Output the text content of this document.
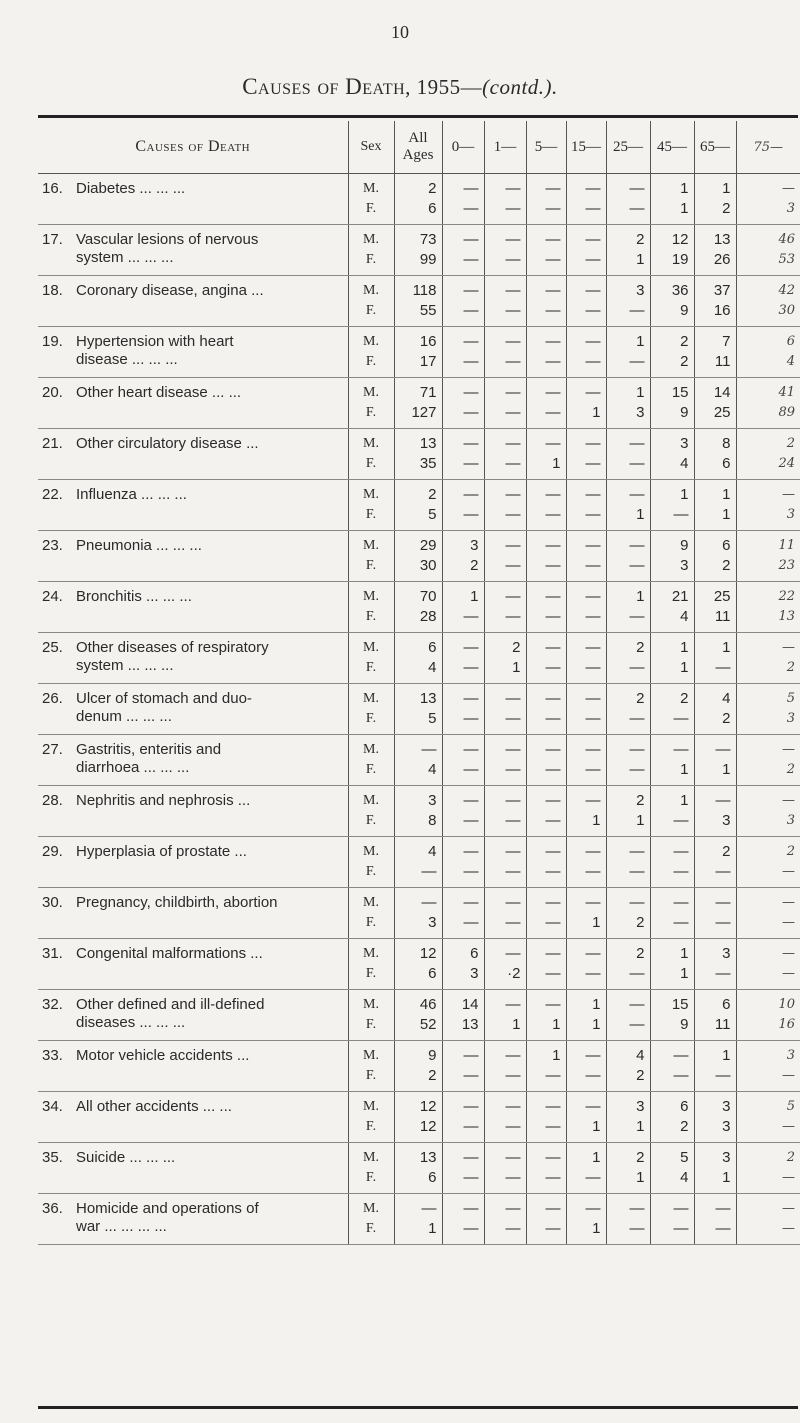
10
Causes of Death, 1955—(contd.).
Causes of Death	Sex	All Ages	0—	1—	5—	15—	25—	45—	65—	75—
16. Diabetes ... ... ...	M.	2	—	—	—	—	—	1	1	—
	F.	6	—	—	—	—	—	1	2	3
17. Vascular lesions of nervous
system ... ... ...	M.	73	—	—	—	—	2	12	13	46
	F.	99	—	—	—	—	1	19	26	53
18. Coronary disease, angina ...	M.	118	—	—	—	—	3	36	37	42
	F.	55	—	—	—	—	—	9	16	30
19. Hypertension with heart
disease ... ... ...	M.	16	—	—	—	—	1	2	7	6
	F.	17	—	—	—	—	—	2	11	4
20. Other heart disease ... ...	M.	71	—	—	—	—	1	15	14	41
	F.	127	—	—	—	1	3	9	25	89
21. Other circulatory disease ...	M.	13	—	—	—	—	—	3	8	2
	F.	35	—	—	1	—	—	4	6	24
22. Influenza ... ... ...	M.	2	—	—	—	—	—	1	1	—
	F.	5	—	—	—	—	1	—	1	3
23. Pneumonia ... ... ...	M.	29	3	—	—	—	—	9	6	11
	F.	30	2	—	—	—	—	3	2	23
24. Bronchitis ... ... ...	M.	70	1	—	—	—	1	21	25	22
	F.	28	—	—	—	—	—	4	11	13
25. Other diseases of respiratory
system ... ... ...	M.	6	—	2	—	—	2	1	1	—
	F.	4	—	1	—	—	—	1	—	2
26. Ulcer of stomach and duo-
denum ... ... ...	M.	13	—	—	—	—	2	2	4	5
	F.	5	—	—	—	—	—	—	2	3
27. Gastritis, enteritis and
diarrhoea ... ... ...	M.	—	—	—	—	—	—	—	—	—
	F.	4	—	—	—	—	—	1	1	2
28. Nephritis and nephrosis ...	M.	3	—	—	—	—	2	1	—	—
	F.	8	—	—	—	1	1	—	3	3
29. Hyperplasia of prostate ...	M.	4	—	—	—	—	—	—	2	2
	F.	—	—	—	—	—	—	—	—	—
30. Pregnancy, childbirth, abortion	M.	—	—	—	—	—	—	—	—	—
	F.	3	—	—	—	1	2	—	—	—
31. Congenital malformations ...	M.	12	6	—	—	—	2	1	3	—
	F.	6	3	·2	—	—	—	1	—	—
32. Other defined and ill-defined
diseases ... ... ...	M.	46	14	—	—	1	—	15	6	10
	F.	52	13	1	1	1	—	9	11	16
33. Motor vehicle accidents ...	M.	9	—	—	1	—	4	—	1	3
	F.	2	—	—	—	—	2	—	—	—
34. All other accidents ... ...	M.	12	—	—	—	—	3	6	3	5
	F.	12	—	—	—	1	1	2	3	—
35. Suicide ... ... ...	M.	13	—	—	—	1	2	5	3	2
	F.	6	—	—	—	—	1	4	1	—
36. Homicide and operations of
war ... ... ... ...	M.	—	—	—	—	—	—	—	—	—
	F.	1	—	—	—	1	—	—	—	—
